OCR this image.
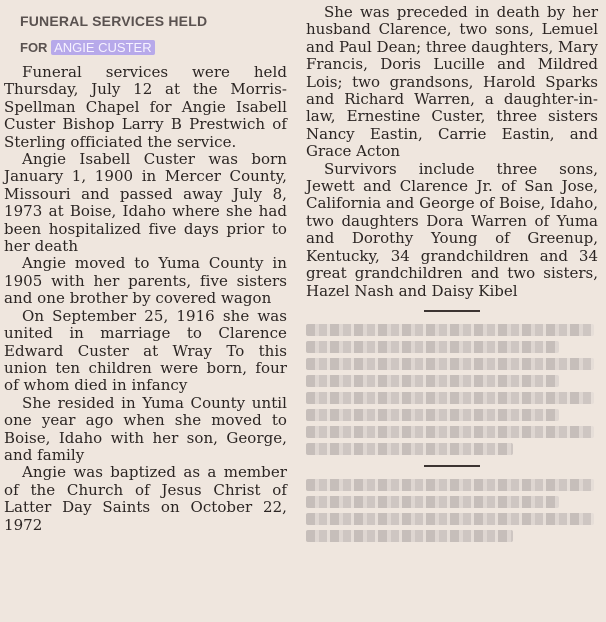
FUNERAL SERVICES HELD
FOR ANGIE CUSTER

Funeral services were held Thursday, July 12 at the Morris-Spellman Chapel for Angie Isabell Custer Bishop Larry B Prestwich of Sterling officiated the service.

Angie Isabell Custer was born January 1, 1900 in Mercer County, Missouri and passed away July 8, 1973 at Boise, Idaho where she had been hospitalized five days prior to her death

Angie moved to Yuma County in 1905 with her parents, five sisters and one brother by covered wagon

On September 25, 1916 she was united in marriage to Clarence Edward Custer at Wray To this union ten children were born, four of whom died in infancy

She resided in Yuma County until one year ago when she moved to Boise, Idaho with her son, George, and family

Angie was baptized as a member of the Church of Jesus Christ of Latter Day Saints on October 22, 1972

She was preceded in death by her husband Clarence, two sons, Lemuel and Paul Dean; three daughters, Mary Francis, Doris Lucille and Mildred Lois; two grandsons, Harold Sparks and Richard Warren, a daughter-in-law, Ernestine Custer, three sisters Nancy Eastin, Carrie Eastin, and Grace Acton

Survivors include three sons, Jewett and Clarence Jr. of San Jose, California and George of Boise, Idaho, two daughters Dora Warren of Yuma and Dorothy Young of Greenup, Kentucky, 34 grandchildren and 34 great grandchildren and two sisters, Hazel Nash and Daisy Kibel
